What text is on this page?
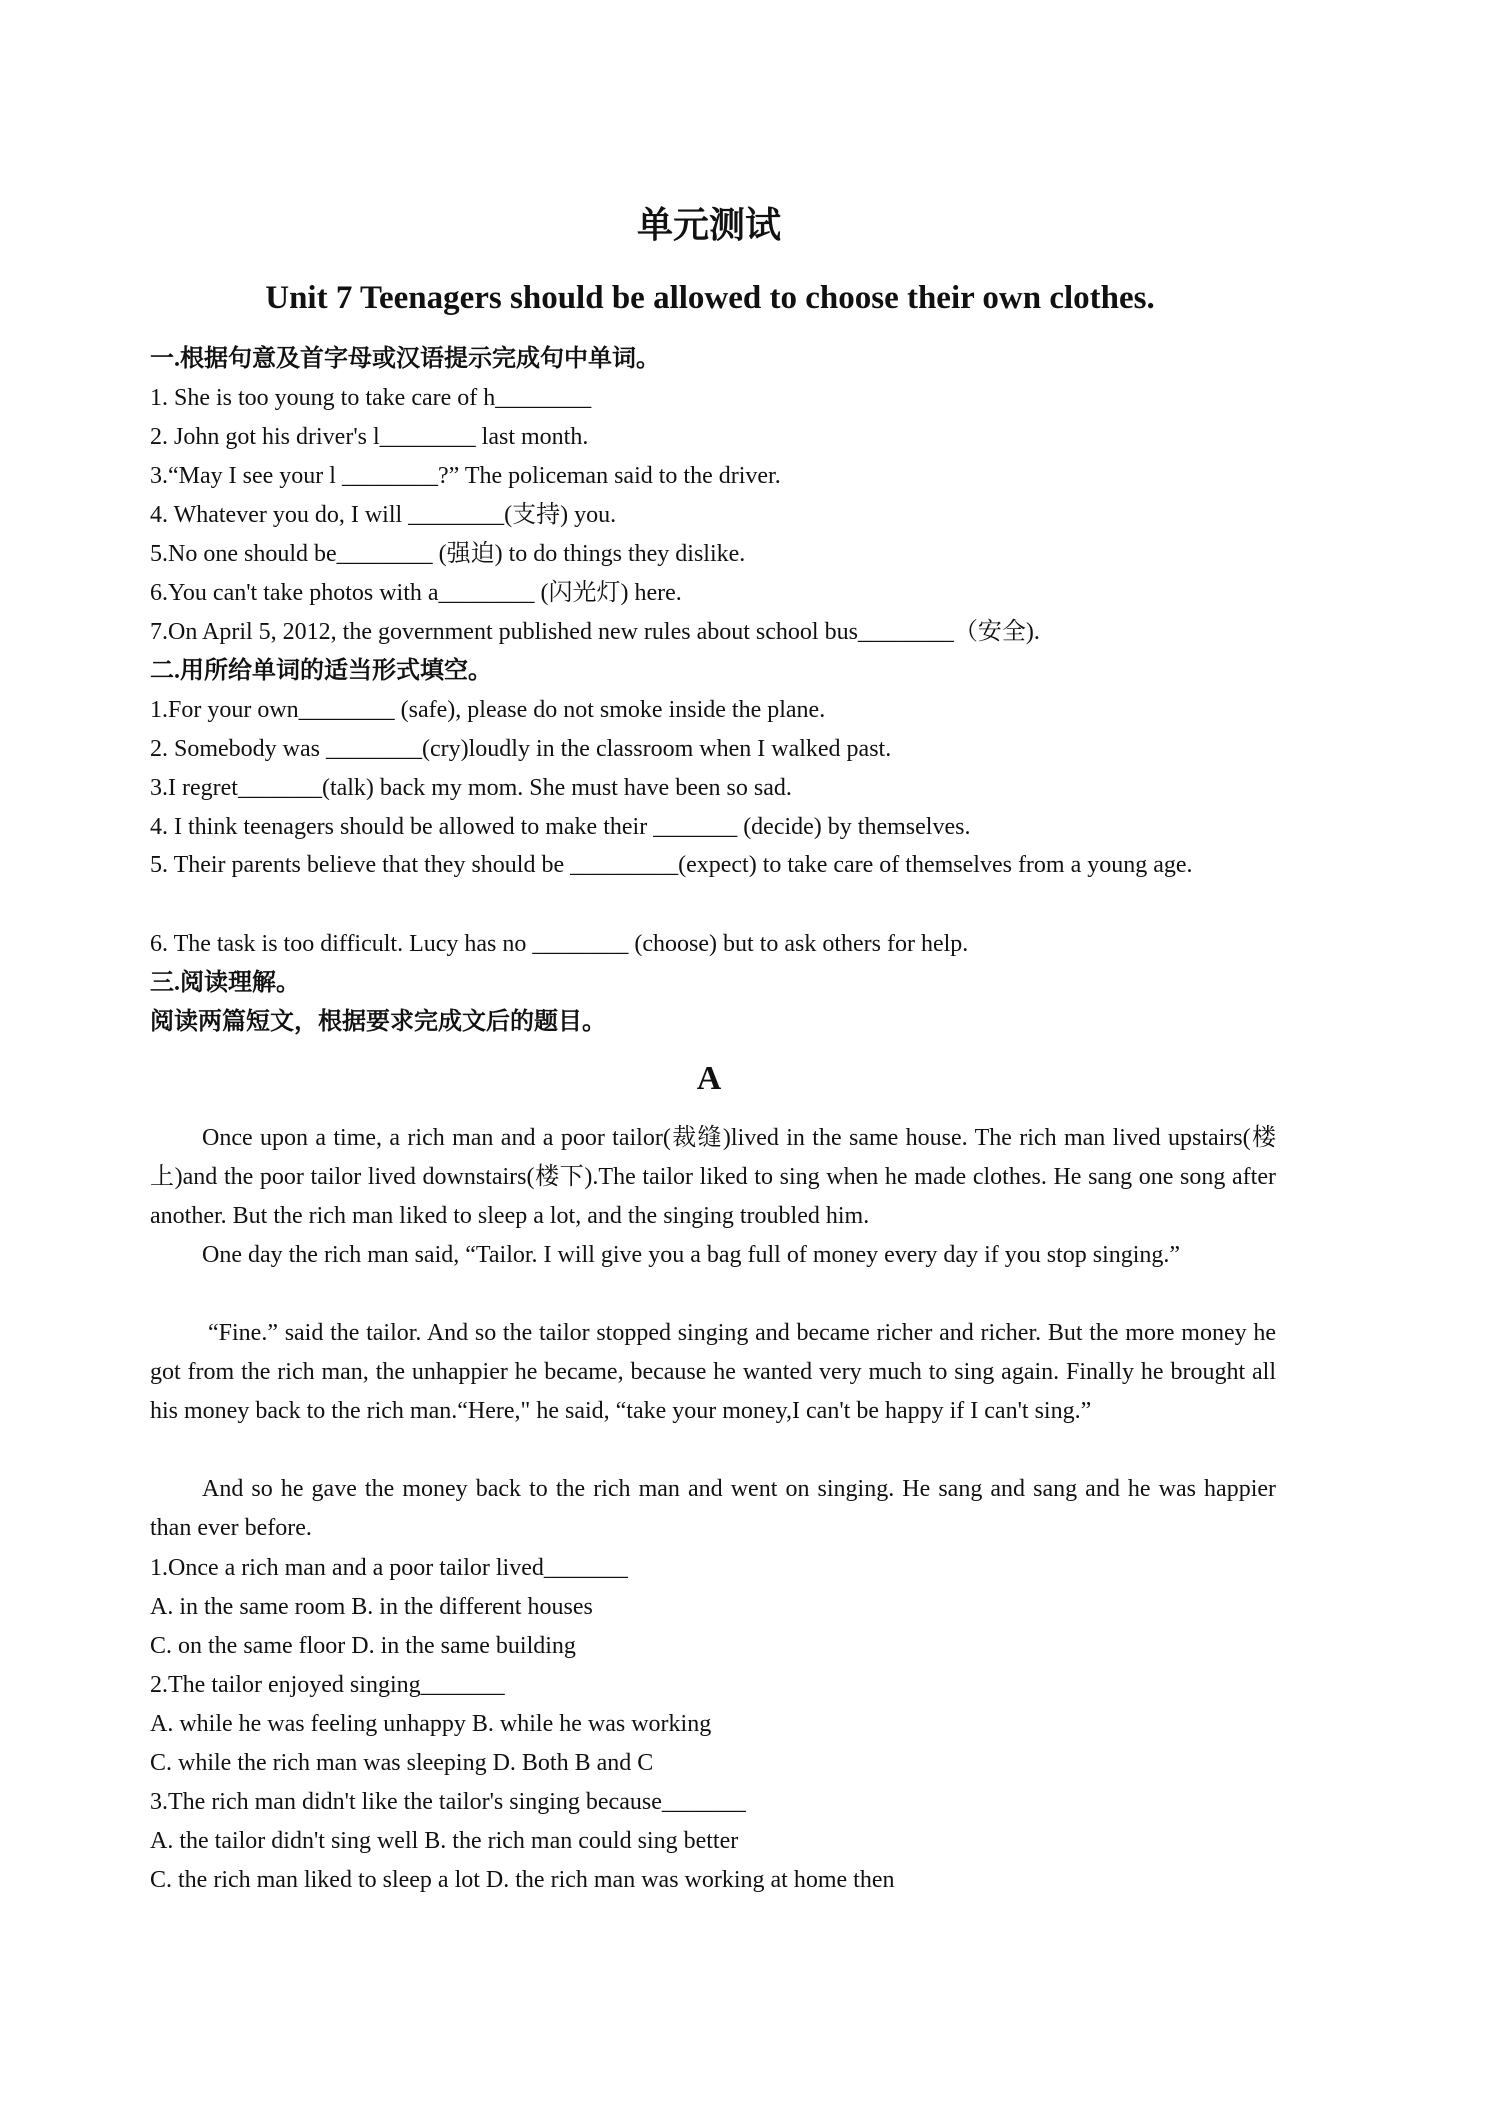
单元测试
Unit 7 Teenagers should be allowed to choose their own clothes.
一.根据句意及首字母或汉语提示完成句中单词。
1. She is too young to take care of h________
2. John got his driver's l________ last month.
3.“May I see your l ________?” The policeman said to the driver.
4. Whatever you do, I will ________(支持) you.
5.No one should be________ (强迫) to do things they dislike.
6.You can't take photos with a________ (闪光灯) here.
7.On April 5, 2012, the government published new rules about school bus________（安全).
二.用所给单词的适当形式填空。
1.For your own________ (safe), please do not smoke inside the plane.
2. Somebody was ________(cry)loudly in the classroom when I walked past.
3.I regret_______(talk) back my mom. She must have been so sad.
4. I think teenagers should be allowed to make their _______ (decide) by themselves.
5. Their parents believe that they should be _________(expect) to take care of themselves from a young age.
6. The task is too difficult. Lucy has no ________ (choose) but to ask others for help.
三.阅读理解。
阅读两篇短文，根据要求完成文后的题目。
A
Once upon a time, a rich man and a poor tailor(裁缝)lived in the same house. The rich man lived upstairs(楼上)and the poor tailor lived downstairs(楼下).The tailor liked to sing when he made clothes. He sang one song after another. But the rich man liked to sleep a lot, and the singing troubled him.
One day the rich man said, “Tailor. I will give you a bag full of money every day if you stop singing.”
“Fine.” said the tailor. And so the tailor stopped singing and became richer and richer. But the more money he got from the rich man, the unhappier he became, because he wanted very much to sing again. Finally he brought all his money back to the rich man.“Here," he said, “take your money,I can't be happy if I can't sing.”
And so he gave the money back to the rich man and went on singing. He sang and sang and he was happier than ever before.
1.Once a rich man and a poor tailor lived_______
A. in the same room B. in the different houses
C. on the same floor D. in the same building
2.The tailor enjoyed singing_______
A. while he was feeling unhappy B. while he was working
C. while the rich man was sleeping D. Both B and C
3.The rich man didn't like the tailor's singing because_______
A. the tailor didn't sing well B. the rich man could sing better
C. the rich man liked to sleep a lot D. the rich man was working at home then
